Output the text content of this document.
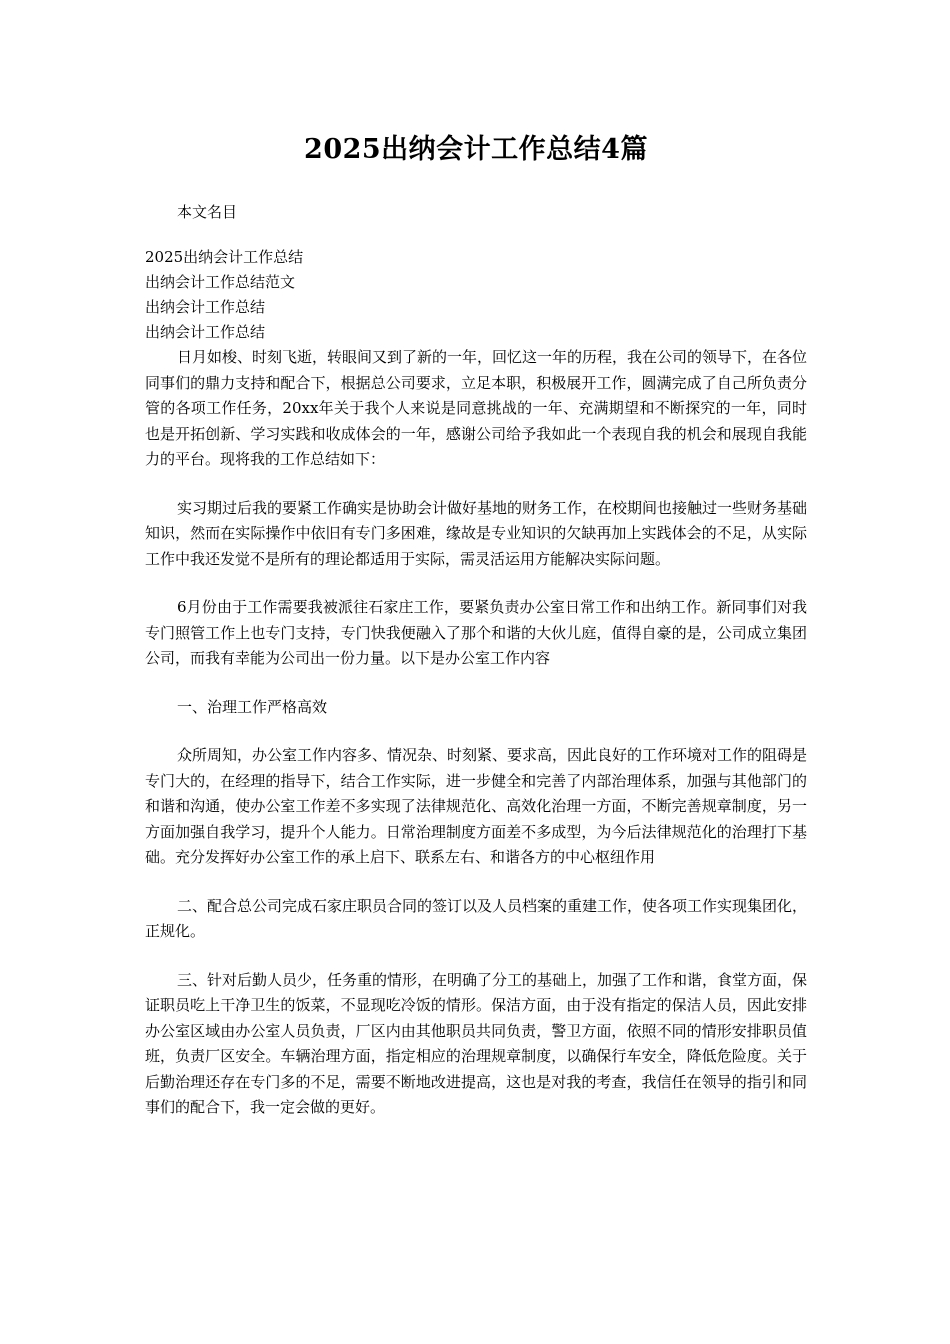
2025出纳会计工作总结4篇

本文名目

2025出纳会计工作总结
出纳会计工作总结范文
出纳会计工作总结
出纳会计工作总结

日月如梭、时刻飞逝，转眼间又到了新的一年，回忆这一年的历程，我在公司的领导下，在各位同事们的鼎力支持和配合下，根据总公司要求，立足本职，积极展开工作，圆满完成了自己所负责分管的各项工作任务，20xx年关于我个人来说是同意挑战的一年、充满期望和不断探究的一年，同时也是开拓创新、学习实践和收成体会的一年，感谢公司给予我如此一个表现自我的机会和展现自我能力的平台。现将我的工作总结如下：

实习期过后我的要紧工作确实是协助会计做好基地的财务工作，在校期间也接触过一些财务基础知识，然而在实际操作中依旧有专门多困难，缘故是专业知识的欠缺再加上实践体会的不足，从实际工作中我还发觉不是所有的理论都适用于实际，需灵活运用方能解决实际问题。

6月份由于工作需要我被派往石家庄工作，要紧负责办公室日常工作和出纳工作。新同事们对我专门照管工作上也专门支持，专门快我便融入了那个和谐的大伙儿庭，值得自豪的是，公司成立集团公司，而我有幸能为公司出一份力量。以下是办公室工作内容

一、治理工作严格高效

众所周知，办公室工作内容多、情况杂、时刻紧、要求高，因此良好的工作环境对工作的阻碍是专门大的，在经理的指导下，结合工作实际，进一步健全和完善了内部治理体系，加强与其他部门的和谐和沟通，使办公室工作差不多实现了法律规范化、高效化治理一方面，不断完善规章制度，另一方面加强自我学习，提升个人能力。日常治理制度方面差不多成型，为今后法律规范化的治理打下基础。充分发挥好办公室工作的承上启下、联系左右、和谐各方的中心枢纽作用

二、配合总公司完成石家庄职员合同的签订以及人员档案的重建工作，使各项工作实现集团化，正规化。

三、针对后勤人员少，任务重的情形，在明确了分工的基础上，加强了工作和谐，食堂方面，保证职员吃上干净卫生的饭菜，不显现吃冷饭的情形。保洁方面，由于没有指定的保洁人员，因此安排办公室区域由办公室人员负责，厂区内由其他职员共同负责，警卫方面，依照不同的情形安排职员值班，负责厂区安全。车辆治理方面，指定相应的治理规章制度，以确保行车安全，降低危险度。关于后勤治理还存在专门多的不足，需要不断地改进提高，这也是对我的考查，我信任在领导的指引和同事们的配合下，我一定会做的更好。
